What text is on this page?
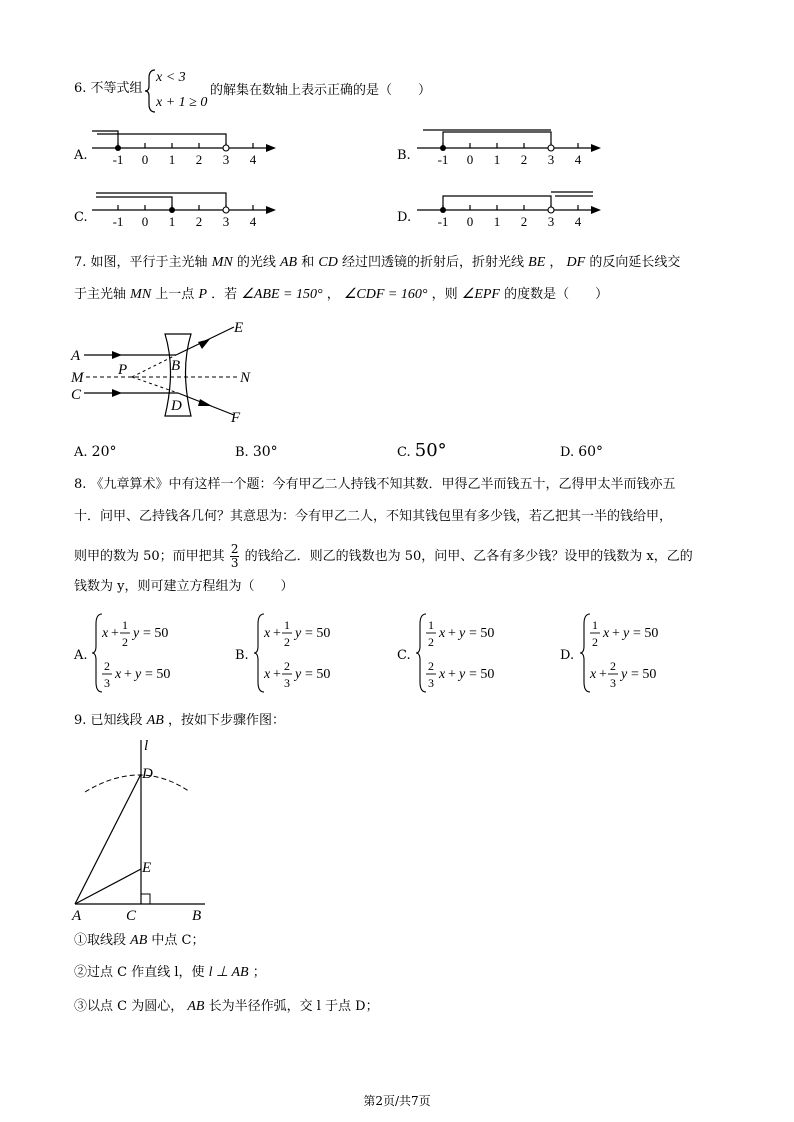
6. 不等式组
x < 3
x + 1 ≥ 0
的解集在数轴上表示正确的是（　　）
A.	B.
C.	D.
-1 0 1 2 3 4	-1 0 1 2 3 4
-1 0 1 2 3 4	-1 0 1 2 3 4
7. 如图，平行于主光轴 MN 的光线 AB 和 CD 经过凹透镜的折射后，折射光线 BE ， DF 的反向延长线交
于主光轴 MN 上一点 P ．若 ∠ABE = 150° ， ∠CDF = 160° ，则 ∠EPF 的度数是（　　）
A
M
C
P	B
D
E
F
N
A. 20°	B. 30°	C. 50°	D. 60°
8. 《九章算术》中有这样一个题：今有甲乙二人持钱不知其数．甲得乙半而钱五十，乙得甲太半而钱亦五
十．问甲、乙持钱各几何？其意思为：今有甲乙二人，不知其钱包里有多少钱，若乙把其一半的钱给甲，
则甲的数为 50；而甲把其 $\frac{2}{3}$ 的钱给乙．则乙的钱数也为 50，问甲、乙各有多少钱？设甲的钱数为 x，乙的
钱数为 y，则可建立方程组为（　　）
A.	B.	C.	D.
x +
1
2
y = 50
2
3
x + y = 50
x +
1
2
y = 50
x +
2
3
y = 50
1
2
x + y = 50
2
3
x + y = 50
1
2
x + y = 50
x +
2
3
y = 50
9. 已知线段 AB ，按如下步骤作图：
l
D
E
A	C	B
①取线段 AB 中点 C；
②过点 C 作直线 l，使 l ⊥ AB ；
③以点 C 为圆心， AB 长为半径作弧，交 l 于点 D；
第2页/共7页
